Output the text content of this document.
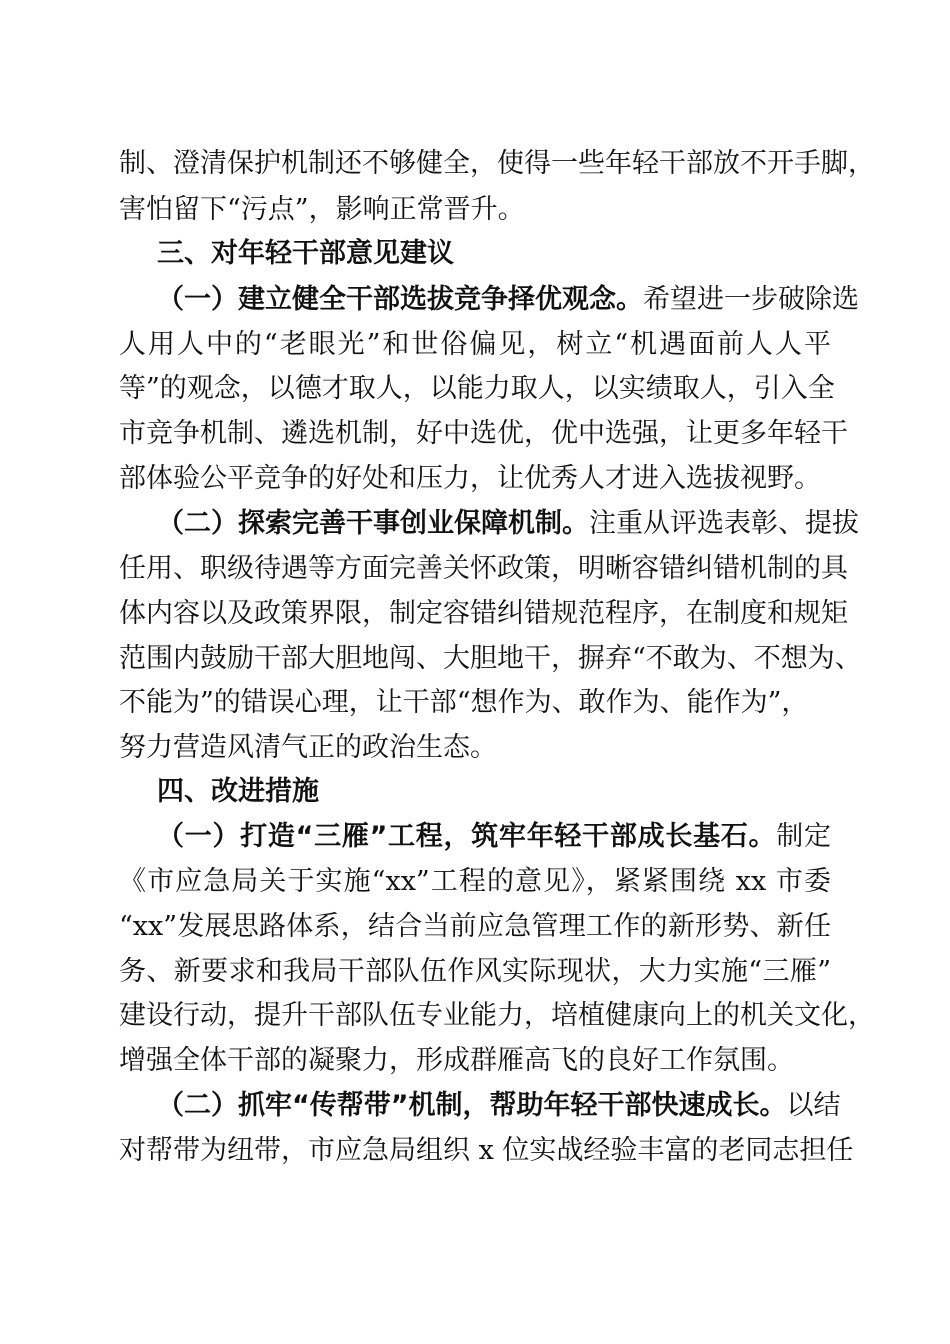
制、澄清保护机制还不够健全，使得一些年轻干部放不开手脚，
害怕留下“污点”，影响正常晋升。
三、对年轻干部意见建议
（一）建立健全干部选拔竞争择优观念。希望进一步破除选
人用人中的“老眼光”和世俗偏见，树立“机遇面前人人平
等”的观念，以德才取人，以能力取人，以实绩取人，引入全
市竞争机制、遴选机制，好中选优，优中选强，让更多年轻干
部体验公平竞争的好处和压力，让优秀人才进入选拔视野。
（二）探索完善干事创业保障机制。注重从评选表彰、提拔
任用、职级待遇等方面完善关怀政策，明晰容错纠错机制的具
体内容以及政策界限，制定容错纠错规范程序，在制度和规矩
范围内鼓励干部大胆地闯、大胆地干，摒弃“不敢为、不想为、
不能为”的错误心理，让干部“想作为、敢作为、能作为”，
努力营造风清气正的政治生态。
四、改进措施
（一）打造“三雁”工程，筑牢年轻干部成长基石。制定
《市应急局关于实施“xx”工程的意见》，紧紧围绕 xx 市委
“xx”发展思路体系，结合当前应急管理工作的新形势、新任
务、新要求和我局干部队伍作风实际现状，大力实施“三雁”
建设行动，提升干部队伍专业能力，培植健康向上的机关文化，
增强全体干部的凝聚力，形成群雁高飞的良好工作氛围。
（二）抓牢“传帮带”机制，帮助年轻干部快速成长。以结
对帮带为纽带，市应急局组织 x 位实战经验丰富的老同志担任
